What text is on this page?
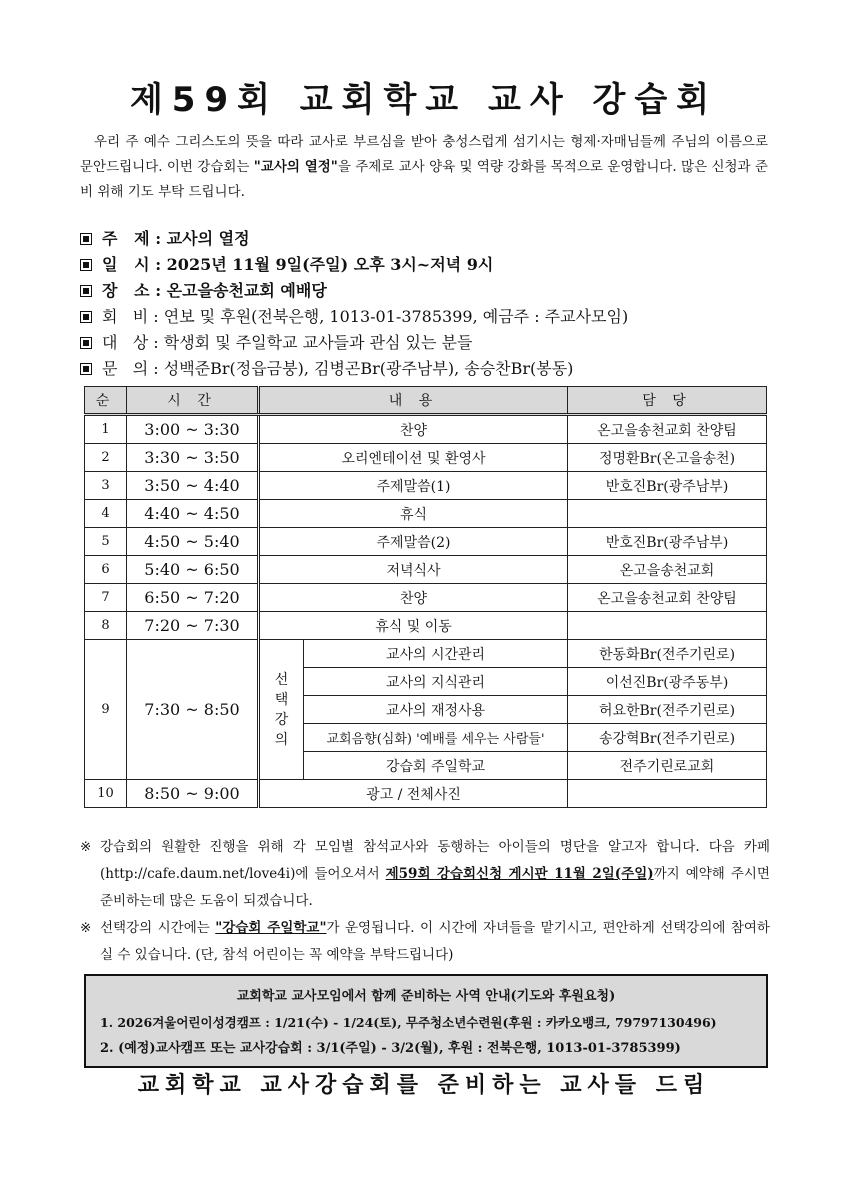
제59회 교회학교 교사 강습회
우리 주 예수 그리스도의 뜻을 따라 교사로 부르심을 받아 충성스럽게 섬기시는 형제·자매님들께 주님의 이름으로 문안드립니다. 이번 강습회는 "교사의 열정"을 주제로 교사 양육 및 역량 강화를 목적으로 운영합니다. 많은 신청과 준비 위해 기도 부탁 드립니다.
주   제 : 교사의 열정
일   시 : 2025년 11월 9일(주일) 오후 3시~저녁 9시
장   소 : 온고을송천교회 예배당
회   비 : 연보 및 후원(전북은행, 1013-01-3785399, 예금주 : 주교사모임)
대   상 : 학생회 및 주일학교 교사들과 관심 있는 분들
문   의 : 성백준Br(정읍금붕), 김병곤Br(광주남부), 송승찬Br(봉동)
순	시 간	내 용		담 당
1	3:00 ~ 3:30	찬양		온고을송천교회 찬양팀
2	3:30 ~ 3:50	오리엔테이션 및 환영사		정명환Br(온고을송천)
3	3:50 ~ 4:40	주제말씀(1)		반호진Br(광주남부)
4	4:40 ~ 4:50	휴식		
5	4:50 ~ 5:40	주제말씀(2)		반호진Br(광주남부)
6	5:40 ~ 6:50	저녁식사		온고을송천교회
7	6:50 ~ 7:20	찬양		온고을송천교회 찬양팀
8	7:20 ~ 7:30	휴식 및 이동		
9	7:30 ~ 8:50	선택강의	교사의 시간관리	한동화Br(전주기린로)
			교사의 지식관리	이선진Br(광주동부)
			교사의 재정사용	허요한Br(전주기린로)
			교회음향(심화) '예배를 세우는 사람들'	송강혁Br(전주기린로)
			강습회 주일학교	전주기린로교회
10	8:50 ~ 9:00	광고 / 전체사진		
※ 강습회의 원활한 진행을 위해 각 모임별 참석교사와 동행하는 아이들의 명단을 알고자 합니다. 다음 카페(http://cafe.daum.net/love4i)에 들어오셔서 제59회 강습회신청 게시판 11월 2일(주일)까지 예약해 주시면 준비하는데 많은 도움이 되겠습니다.
※ 선택강의 시간에는 "강습회 주일학교"가 운영됩니다. 이 시간에 자녀들을 맡기시고, 편안하게 선택강의에 참여하실 수 있습니다. (단, 참석 어린이는 꼭 예약을 부탁드립니다)
교회학교 교사모임에서 함께 준비하는 사역 안내(기도와 후원요청)
1. 2026겨울어린이성경캠프 : 1/21(수) - 1/24(토), 무주청소년수련원(후원 : 카카오뱅크, 79797130496)
2. (예정)교사캠프 또는 교사강습회 : 3/1(주일) - 3/2(월), 후원 : 전북은행, 1013-01-3785399)
교회학교 교사강습회를 준비하는 교사들 드림
